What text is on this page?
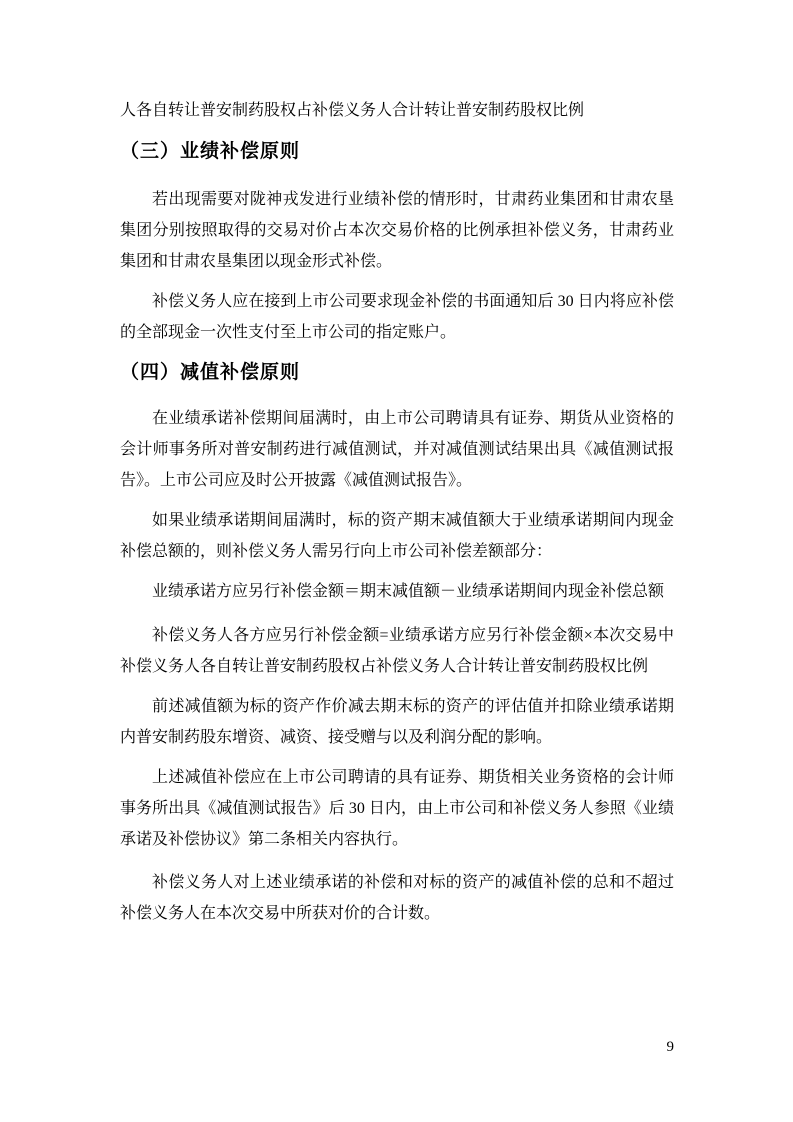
人各自转让普安制药股权占补偿义务人合计转让普安制药股权比例

（三）业绩补偿原则

若出现需要对陇神戎发进行业绩补偿的情形时，甘肃药业集团和甘肃农垦集团分别按照取得的交易对价占本次交易价格的比例承担补偿义务，甘肃药业集团和甘肃农垦集团以现金形式补偿。

补偿义务人应在接到上市公司要求现金补偿的书面通知后 30 日内将应补偿的全部现金一次性支付至上市公司的指定账户。

（四）减值补偿原则

在业绩承诺补偿期间届满时，由上市公司聘请具有证券、期货从业资格的会计师事务所对普安制药进行减值测试，并对减值测试结果出具《减值测试报告》。上市公司应及时公开披露《减值测试报告》。

如果业绩承诺期间届满时，标的资产期末减值额大于业绩承诺期间内现金补偿总额的，则补偿义务人需另行向上市公司补偿差额部分：

业绩承诺方应另行补偿金额＝期末减值额－业绩承诺期间内现金补偿总额

补偿义务人各方应另行补偿金额=业绩承诺方应另行补偿金额×本次交易中补偿义务人各自转让普安制药股权占补偿义务人合计转让普安制药股权比例

前述减值额为标的资产作价减去期末标的资产的评估值并扣除业绩承诺期内普安制药股东增资、减资、接受赠与以及利润分配的影响。

上述减值补偿应在上市公司聘请的具有证券、期货相关业务资格的会计师事务所出具《减值测试报告》后 30 日内，由上市公司和补偿义务人参照《业绩承诺及补偿协议》第二条相关内容执行。

补偿义务人对上述业绩承诺的补偿和对标的资产的减值补偿的总和不超过补偿义务人在本次交易中所获对价的合计数。

9
